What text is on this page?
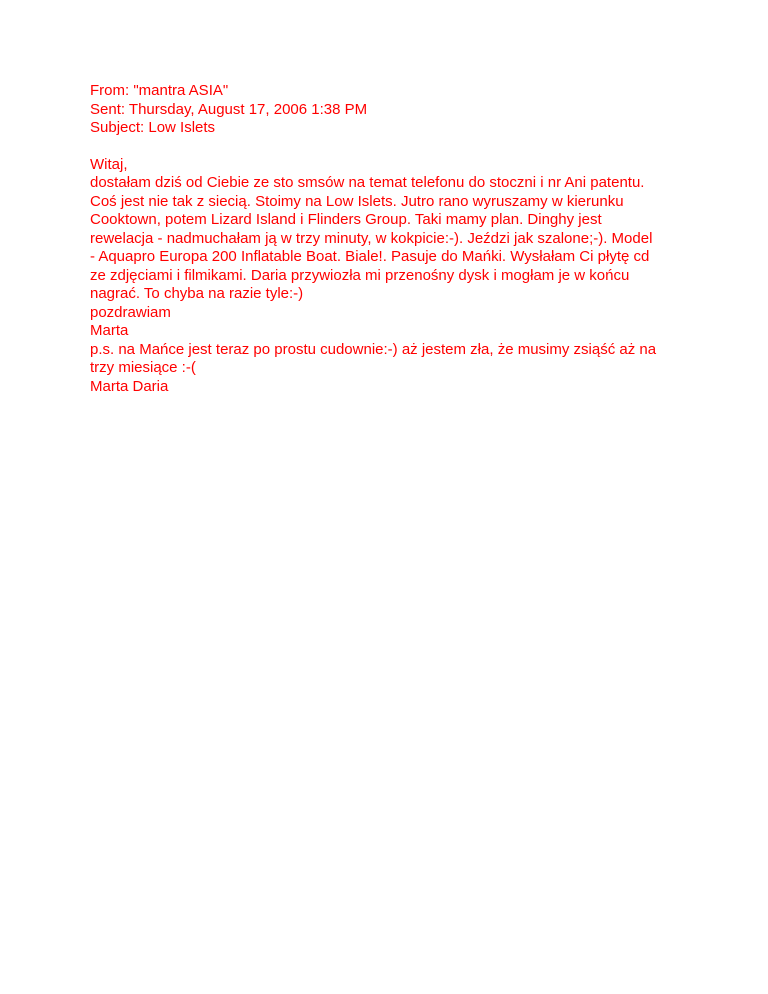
From: "mantra ASIA"
Sent: Thursday, August 17, 2006 1:38 PM
Subject: Low Islets
Witaj,
dostałam dziś od Ciebie ze sto smsów na temat telefonu do stoczni i nr Ani patentu.
Coś jest nie tak z siecią. Stoimy na Low Islets. Jutro rano wyruszamy w kierunku
Cooktown, potem Lizard Island i Flinders Group. Taki mamy plan. Dinghy jest
rewelacja - nadmuchałam ją w trzy minuty, w kokpicie:-). Jeździ jak szalone;-). Model
- Aquapro Europa 200 Inflatable Boat. Biale!. Pasuje do Mańki. Wysłałam Ci płytę cd
ze zdjęciami i filmikami. Daria przywiozła mi przenośny dysk i mogłam je w końcu
nagrać. To chyba na razie tyle:-)
pozdrawiam
Marta
p.s. na Mańce jest teraz po prostu cudownie:-) aż jestem zła, że musimy zsiąść aż na
trzy miesiące :-(
Marta Daria
